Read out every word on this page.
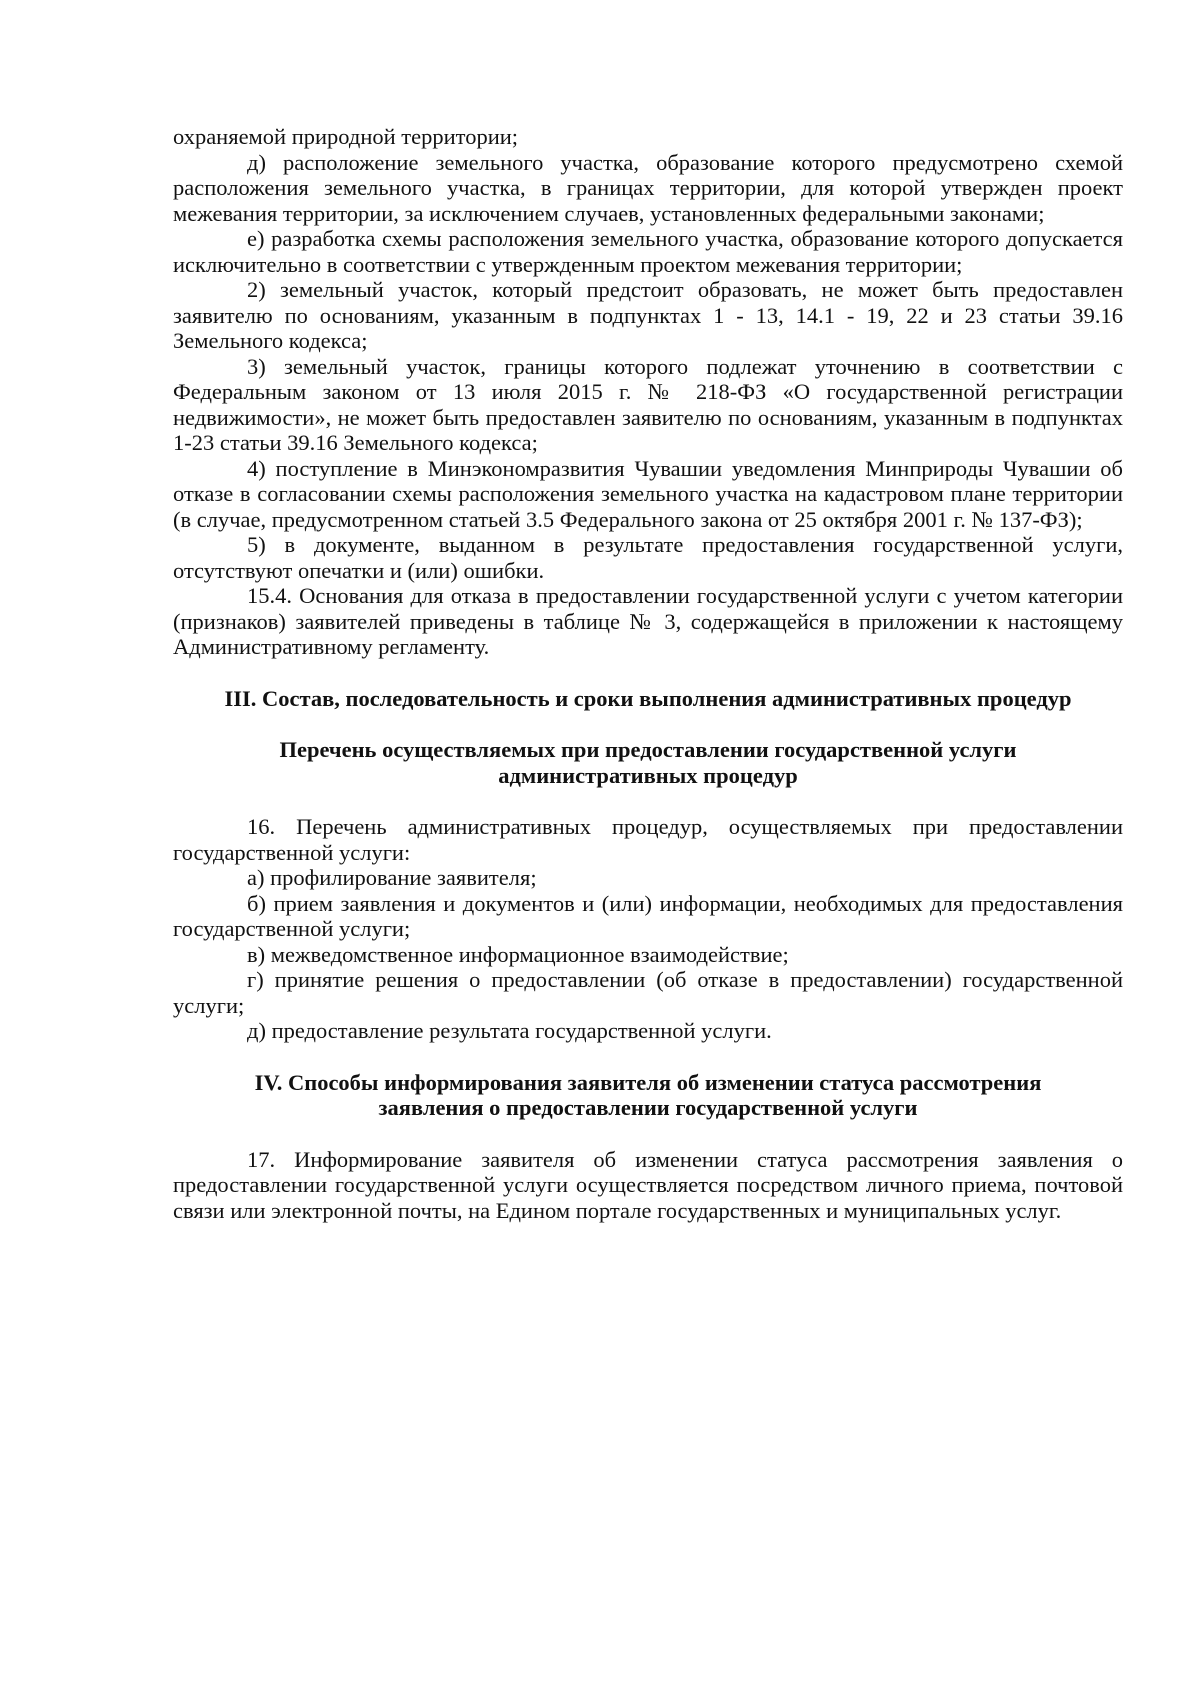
охраняемой природной территории;

д) расположение земельного участка, образование которого предусмотрено схемой расположения земельного участка, в границах территории, для которой утвержден проект межевания территории, за исключением случаев, установленных федеральными законами;

е) разработка схемы расположения земельного участка, образование которого допускается исключительно в соответствии с утвержденным проектом межевания территории;

2) земельный участок, который предстоит образовать, не может быть предоставлен заявителю по основаниям, указанным в подпунктах 1 - 13, 14.1 - 19, 22 и 23 статьи 39.16 Земельного кодекса;

3) земельный участок, границы которого подлежат уточнению в соответствии с Федеральным законом от 13 июля 2015 г. № 218-ФЗ «О государственной регистрации недвижимости», не может быть предоставлен заявителю по основаниям, указанным в подпунктах 1-23 статьи 39.16 Земельного кодекса;

4) поступление в Минэкономразвития Чувашии уведомления Минприроды Чувашии об отказе в согласовании схемы расположения земельного участка на кадастровом плане территории (в случае, предусмотренном статьей 3.5 Федерального закона от 25 октября 2001 г. № 137-ФЗ);

5) в документе, выданном в результате предоставления государственной услуги, отсутствуют опечатки и (или) ошибки.

15.4. Основания для отказа в предоставлении государственной услуги с учетом категории (признаков) заявителей приведены в таблице № 3, содержащейся в приложении к настоящему Административному регламенту.

III. Состав, последовательность и сроки выполнения административных процедур

Перечень осуществляемых при предоставлении государственной услуги

административных процедур

16. Перечень административных процедур, осуществляемых при предоставлении государственной услуги:

а) профилирование заявителя;

б) прием заявления и документов и (или) информации, необходимых для предоставления государственной услуги;

в) межведомственное информационное взаимодействие;

г) принятие решения о предоставлении (об отказе в предоставлении) государственной услуги;

д) предоставление результата государственной услуги.

IV. Способы информирования заявителя об изменении статуса рассмотрения

заявления о предоставлении государственной услуги

17. Информирование заявителя об изменении статуса рассмотрения заявления о предоставлении государственной услуги осуществляется посредством личного приема, почтовой связи или электронной почты, на Едином портале государственных и муниципальных услуг.
